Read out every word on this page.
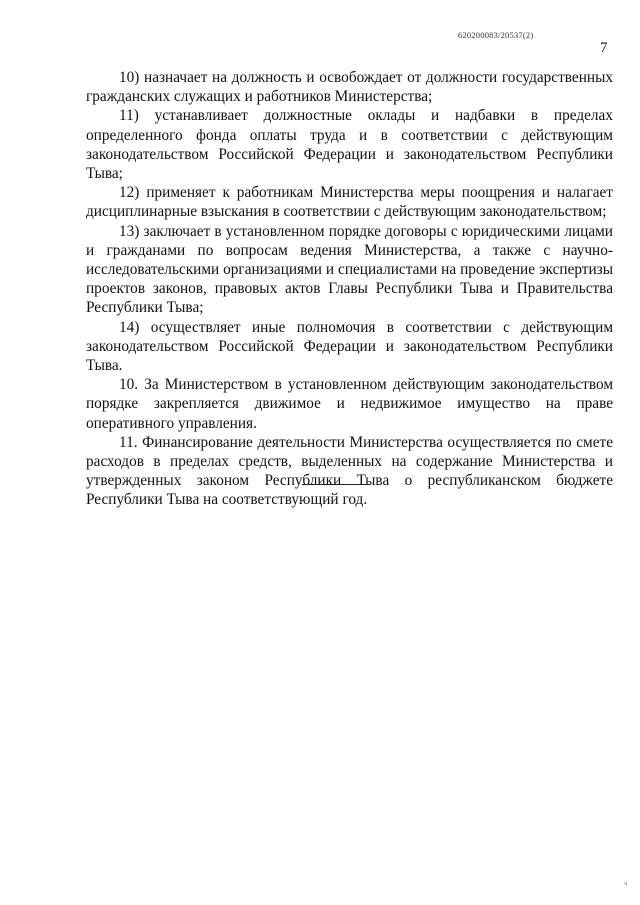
620200083/20537(2)
7

10) назначает на должность и освобождает от должности государственных гражданских служащих и работников Министерства;

11) устанавливает должностные оклады и надбавки в пределах определенного фонда оплаты труда и в соответствии с действующим законодательством Российской Федерации и законодательством Республики Тыва;

12) применяет к работникам Министерства меры поощрения и налагает дисциплинарные взыскания в соответствии с действующим законодательством;

13) заключает в установленном порядке договоры с юридическими лицами и гражданами по вопросам ведения Министерства, а также с научно-исследовательскими организациями и специалистами на проведение экспертизы проектов законов, правовых актов Главы Республики Тыва и Правительства Республики Тыва;

14) осуществляет иные полномочия в соответствии с действующим законодательством Российской Федерации и законодательством Республики Тыва.

10. За Министерством в установленном действующим законодательством порядке закрепляется движимое и недвижимое имущество на праве оперативного управления.

11. Финансирование деятельности Министерства осуществляется по смете расходов в пределах средств, выделенных на содержание Министерства и утвержденных законом Республики Тыва о республиканском бюджете Республики Тыва на соответствующий год.

⸗
